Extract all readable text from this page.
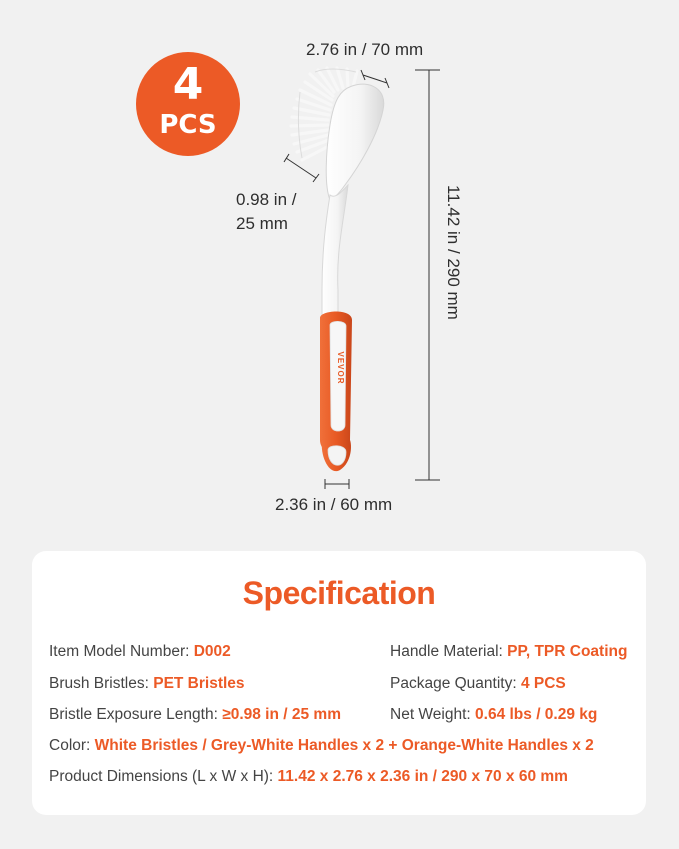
4
PCS
VEVOR
2.76 in / 70 mm
0.98 in /
25 mm
2.36 in / 60 mm
11.42 in / 290 mm
Specification
Item Model Number: D002	Handle Material: PP, TPR Coating
Brush Bristles: PET Bristles	Package Quantity: 4 PCS
Bristle Exposure Length: ≥0.98 in / 25 mm	Net Weight: 0.64 lbs / 0.29 kg
Color: White Bristles / Grey-White Handles x 2 + Orange-White Handles x 2
Product Dimensions (L x W x H): 11.42 x 2.76 x 2.36 in / 290 x 70 x 60 mm
